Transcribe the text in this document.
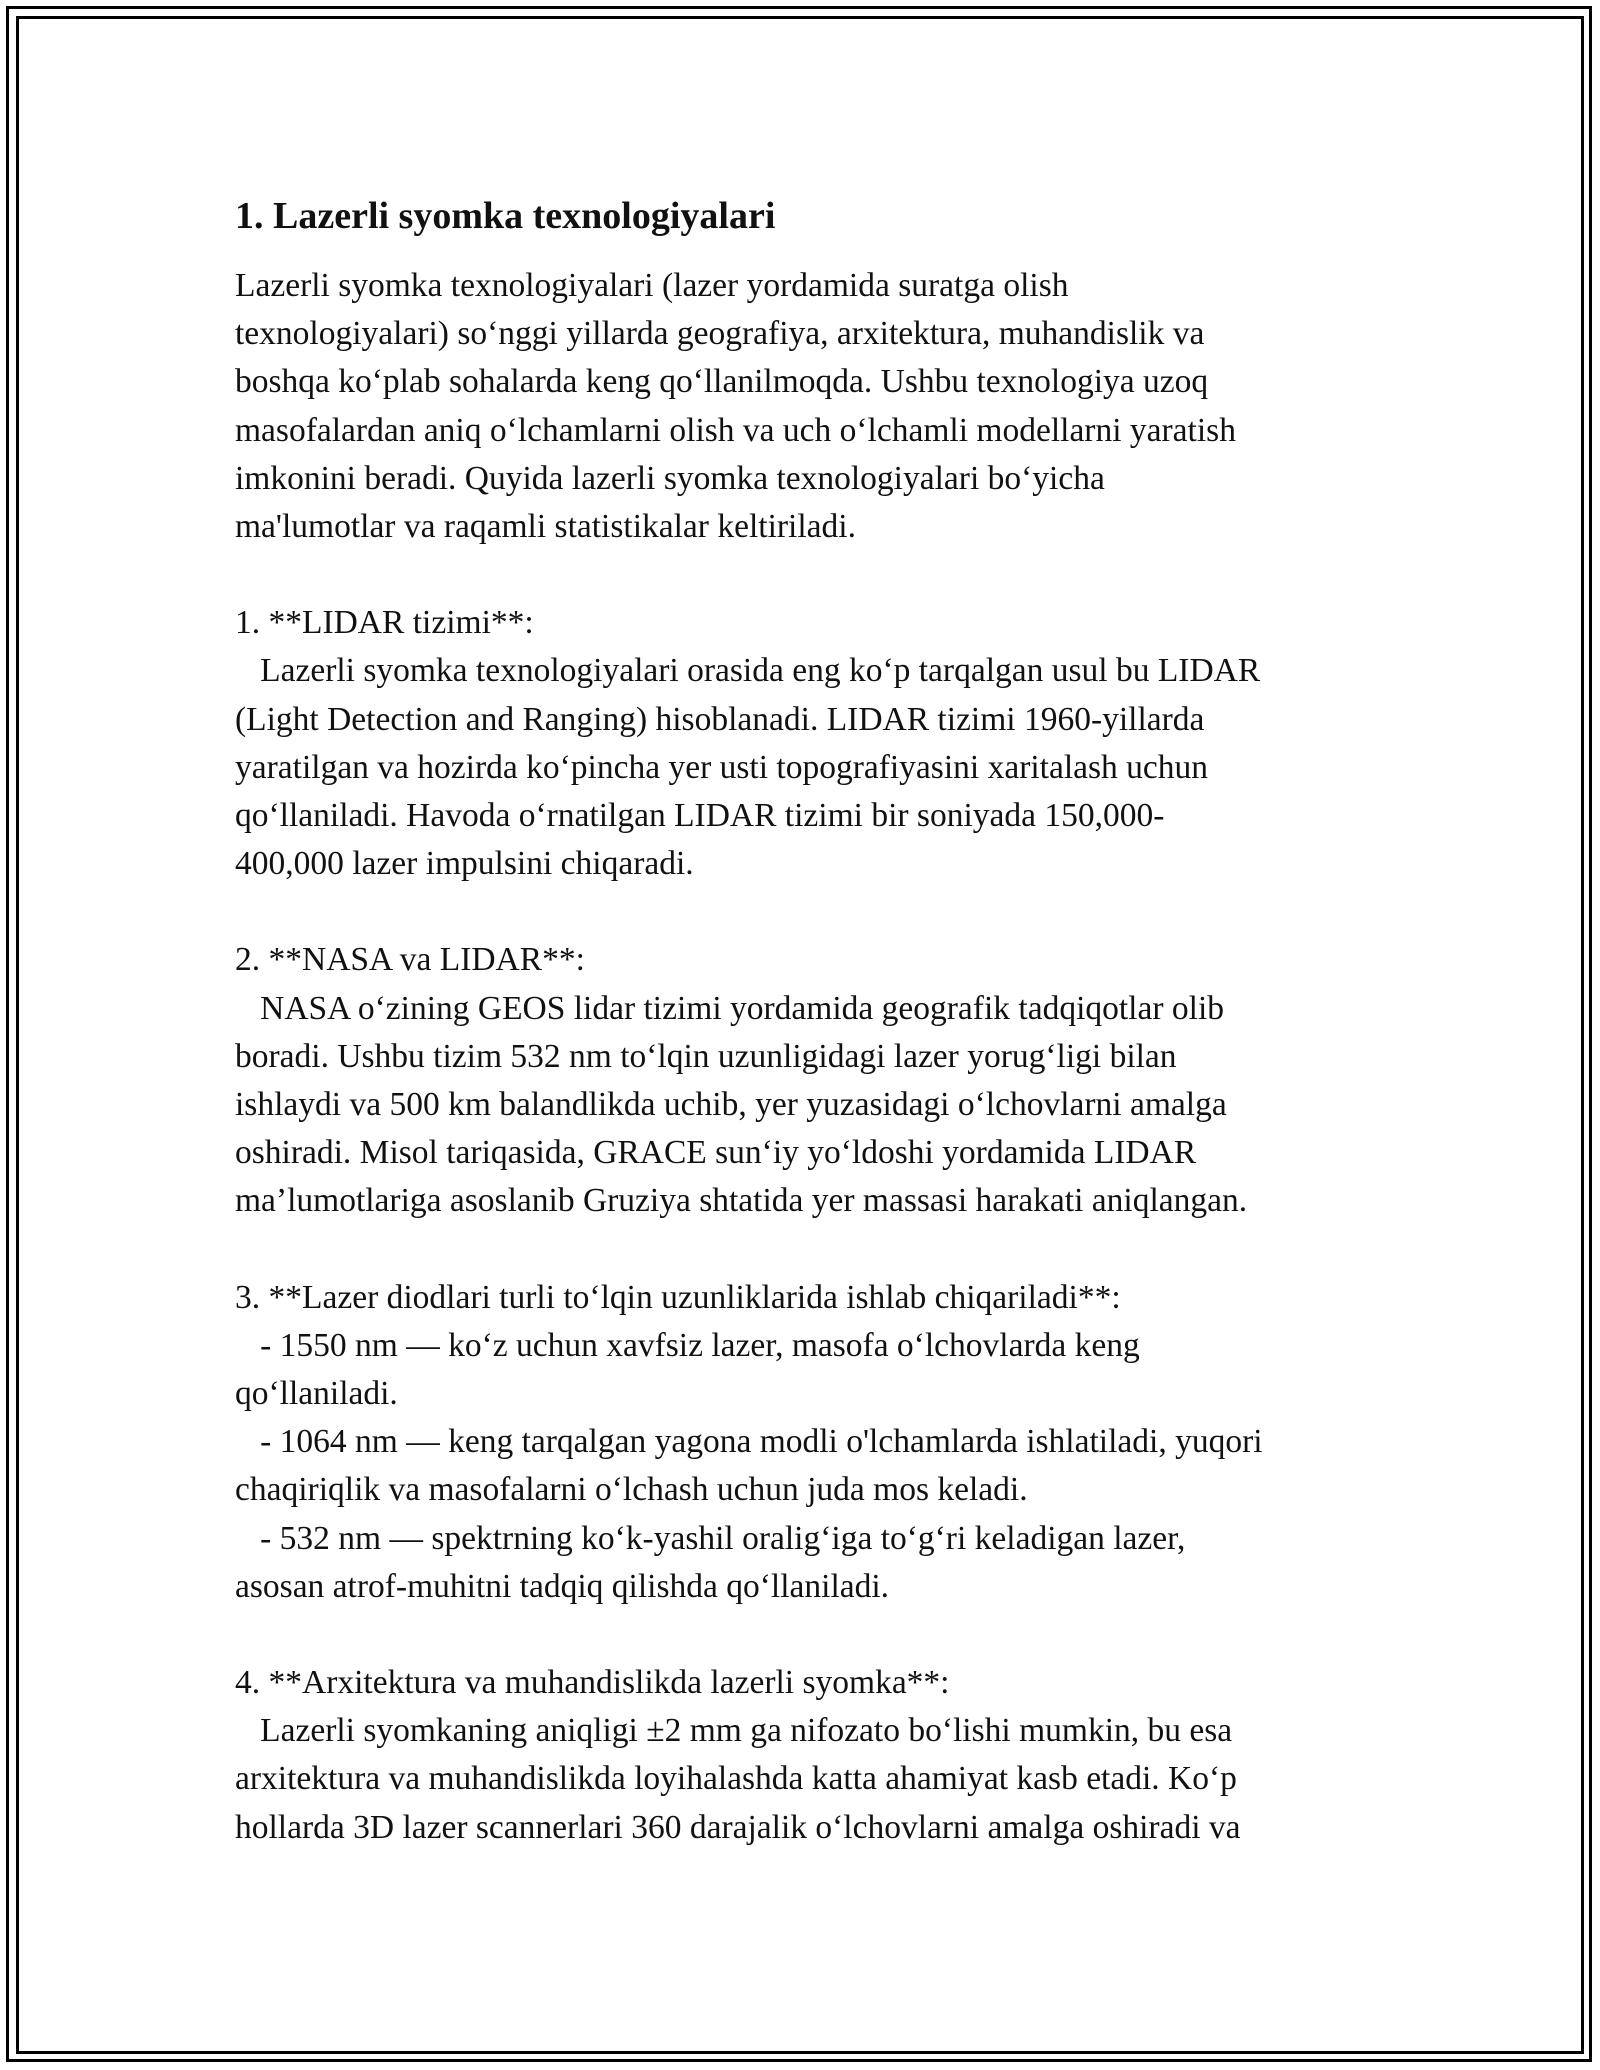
1. Lazerli syomka texnologiyalari

Lazerli syomka texnologiyalari (lazer yordamida suratga olish
texnologiyalari) so‘nggi yillarda geografiya, arxitektura, muhandislik va
boshqa ko‘plab sohalarda keng qo‘llanilmoqda. Ushbu texnologiya uzoq
masofalardan aniq o‘lchamlarni olish va uch o‘lchamli modellarni yaratish
imkonini beradi. Quyida lazerli syomka texnologiyalari bo‘yicha
ma'lumotlar va raqamli statistikalar keltiriladi.

1. **LIDAR tizimi**:
Lazerli syomka texnologiyalari orasida eng ko‘p tarqalgan usul bu LIDAR
(Light Detection and Ranging) hisoblanadi. LIDAR tizimi 1960-yillarda
yaratilgan va hozirda ko‘pincha yer usti topografiyasini xaritalash uchun
qo‘llaniladi. Havoda o‘rnatilgan LIDAR tizimi bir soniyada 150,000-
400,000 lazer impulsini chiqaradi.

2. **NASA va LIDAR**:
NASA o‘zining GEOS lidar tizimi yordamida geografik tadqiqotlar olib
boradi. Ushbu tizim 532 nm to‘lqin uzunligidagi lazer yorug‘ligi bilan
ishlaydi va 500 km balandlikda uchib, yer yuzasidagi o‘lchovlarni amalga
oshiradi. Misol tariqasida, GRACE sun‘iy yo‘ldoshi yordamida LIDAR
ma’lumotlariga asoslanib Gruziya shtatida yer massasi harakati aniqlangan.

3. **Lazer diodlari turli to‘lqin uzunliklarida ishlab chiqariladi**:
- 1550 nm — ko‘z uchun xavfsiz lazer, masofa o‘lchovlarda keng
qo‘llaniladi.
- 1064 nm — keng tarqalgan yagona modli o'lchamlarda ishlatiladi, yuqori
chaqiriqlik va masofalarni o‘lchash uchun juda mos keladi.
- 532 nm — spektrning ko‘k-yashil oralig‘iga to‘g‘ri keladigan lazer,
asosan atrof-muhitni tadqiq qilishda qo‘llaniladi.

4. **Arxitektura va muhandislikda lazerli syomka**:
Lazerli syomkaning aniqligi ±2 mm ga nifozato bo‘lishi mumkin, bu esa
arxitektura va muhandislikda loyihalashda katta ahamiyat kasb etadi. Ko‘p
hollarda 3D lazer scannerlari 360 darajalik o‘lchovlarni amalga oshiradi va
